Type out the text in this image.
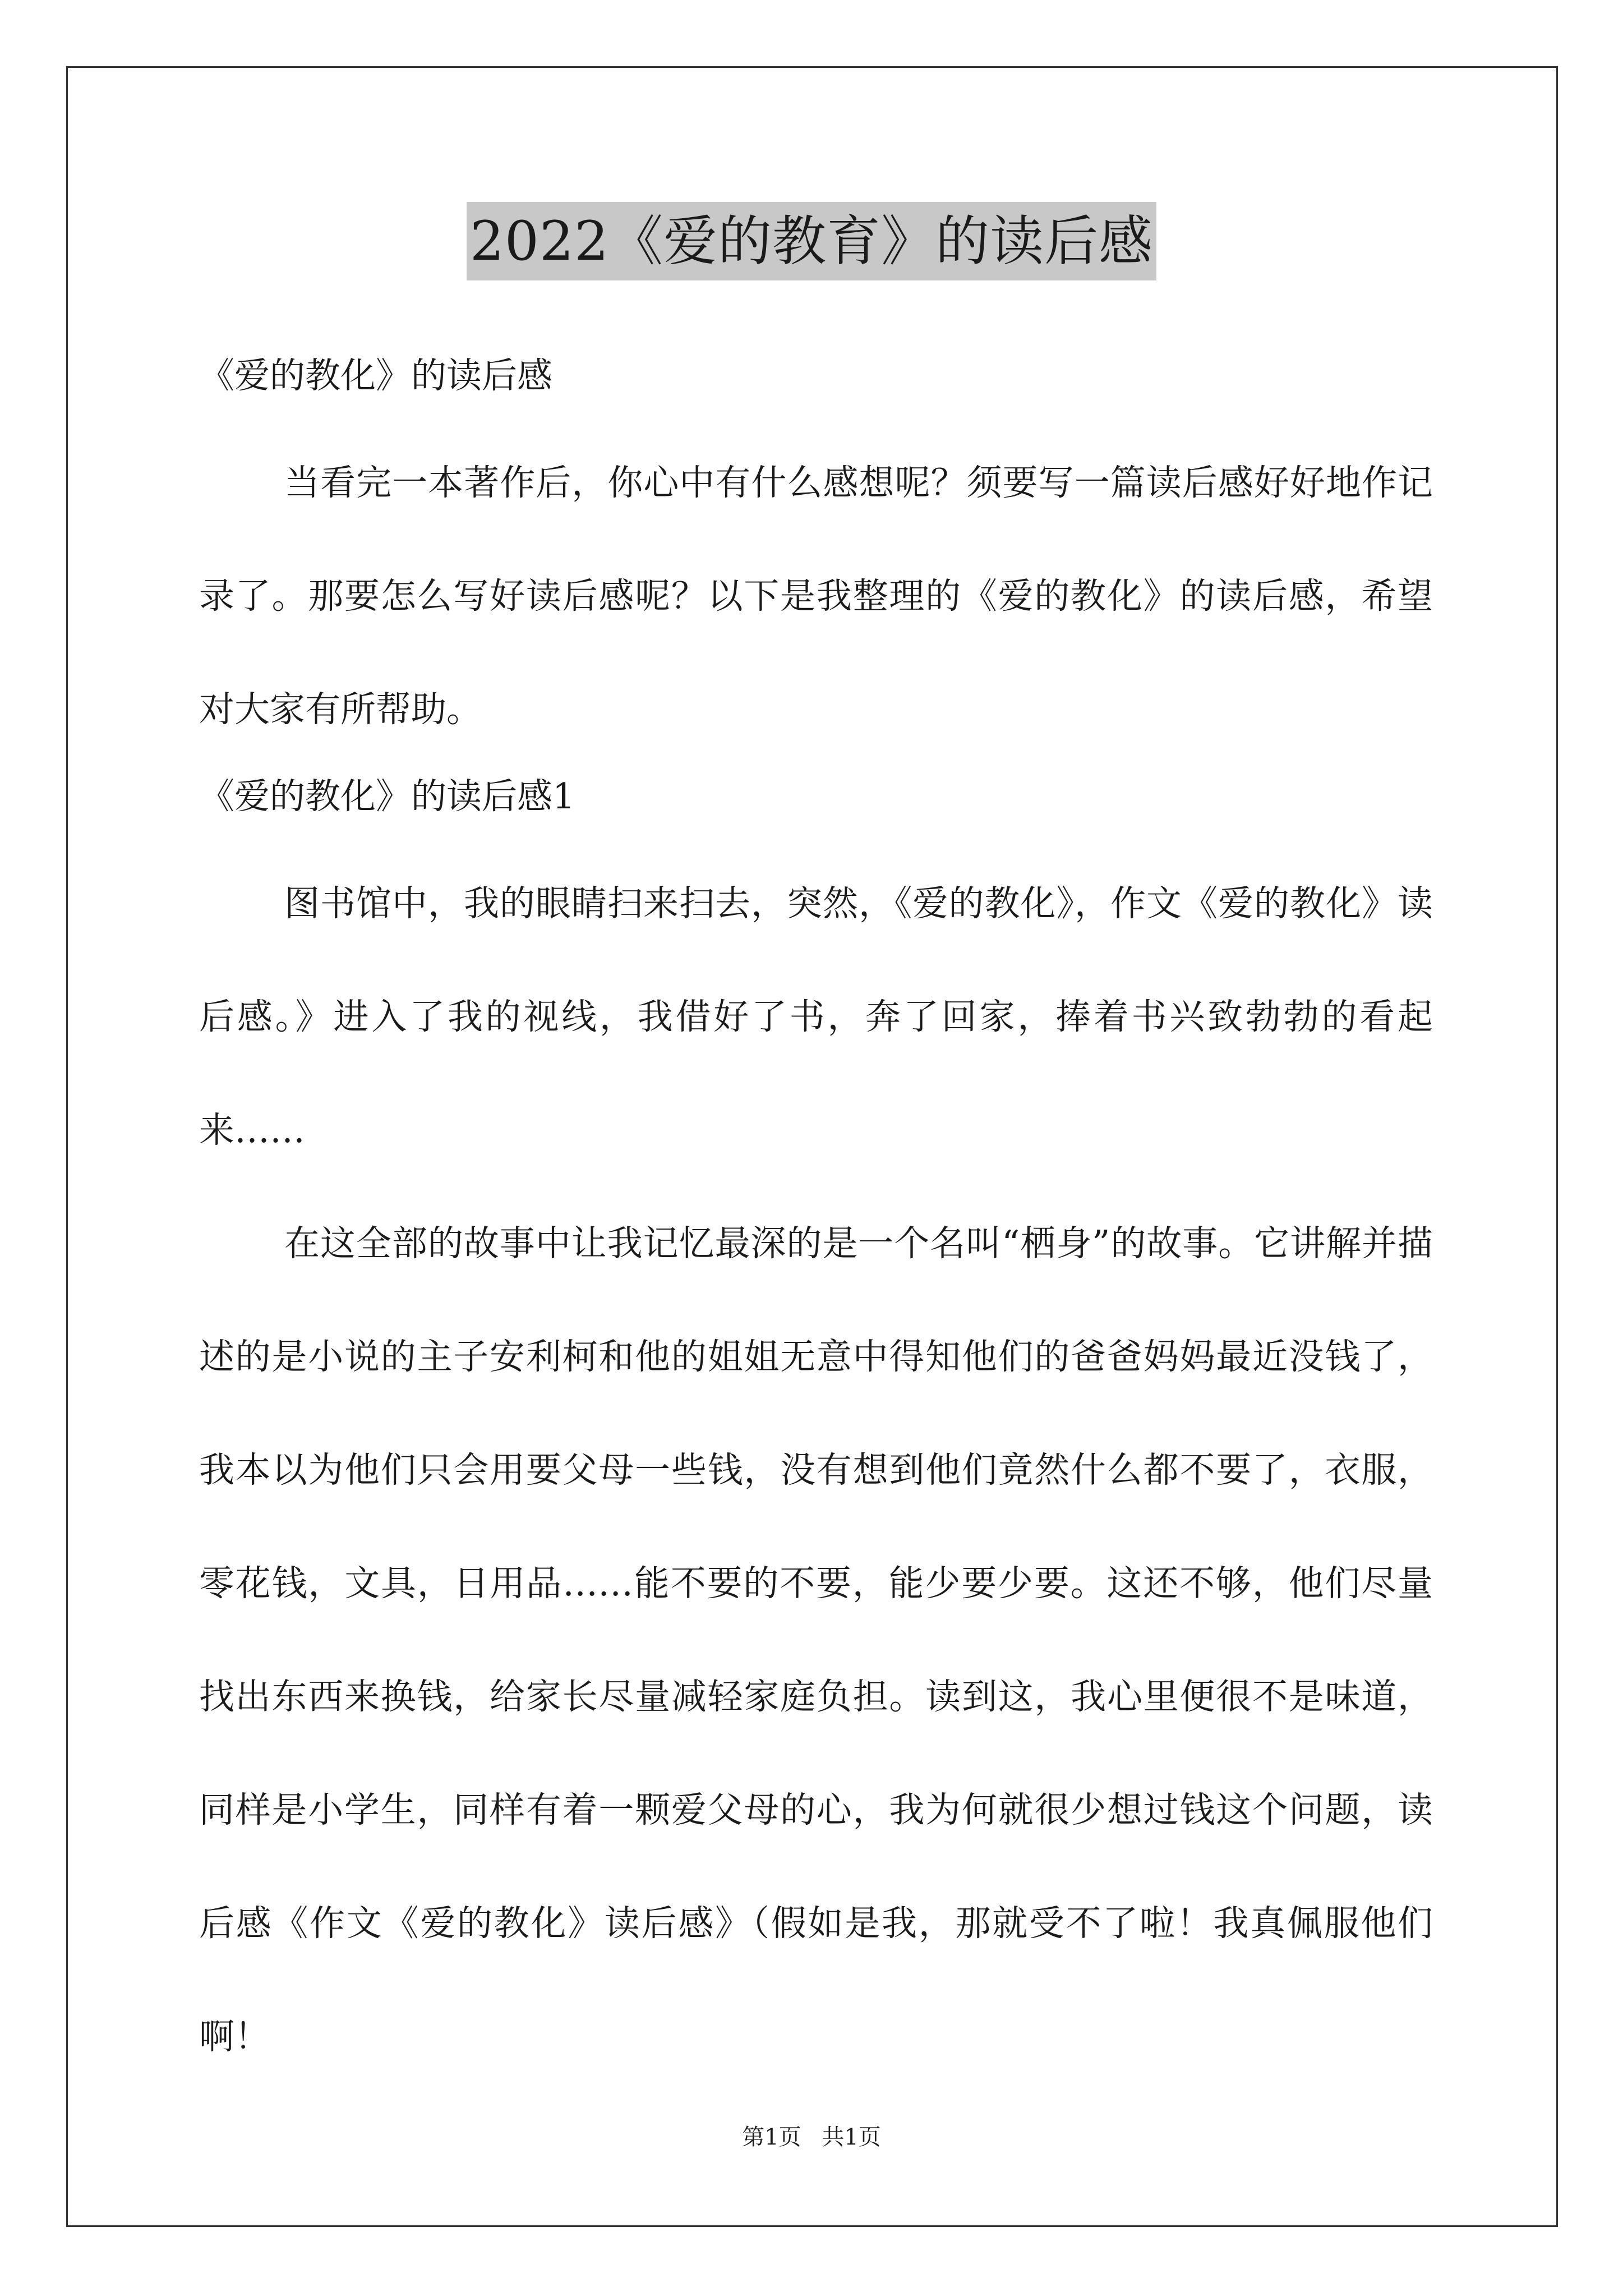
2022《爱的教育》的读后感

《爱的教化》的读后感

当看完一本著作后，你心中有什么感想呢？须要写一篇读后感好好地作记录了。那要怎么写好读后感呢？以下是我整理的《爱的教化》的读后感，希望对大家有所帮助。

《爱的教化》的读后感1

图书馆中，我的眼睛扫来扫去，突然，《爱的教化》，作文《爱的教化》读后感。》进入了我的视线，我借好了书，奔了回家，捧着书兴致勃勃的看起来……

在这全部的故事中让我记忆最深的是一个名叫“栖身”的故事。它讲解并描述的是小说的主子安利柯和他的姐姐无意中得知他们的爸爸妈妈最近没钱了，我本以为他们只会用要父母一些钱，没有想到他们竟然什么都不要了，衣服，零花钱，文具，日用品……能不要的不要，能少要少要。这还不够，他们尽量找出东西来换钱，给家长尽量减轻家庭负担。读到这，我心里便很不是味道，同样是小学生，同样有着一颗爱父母的心，我为何就很少想过钱这个问题，读后感《作文《爱的教化》读后感》（假如是我，那就受不了啦！我真佩服他们啊！

第1页 共1页
